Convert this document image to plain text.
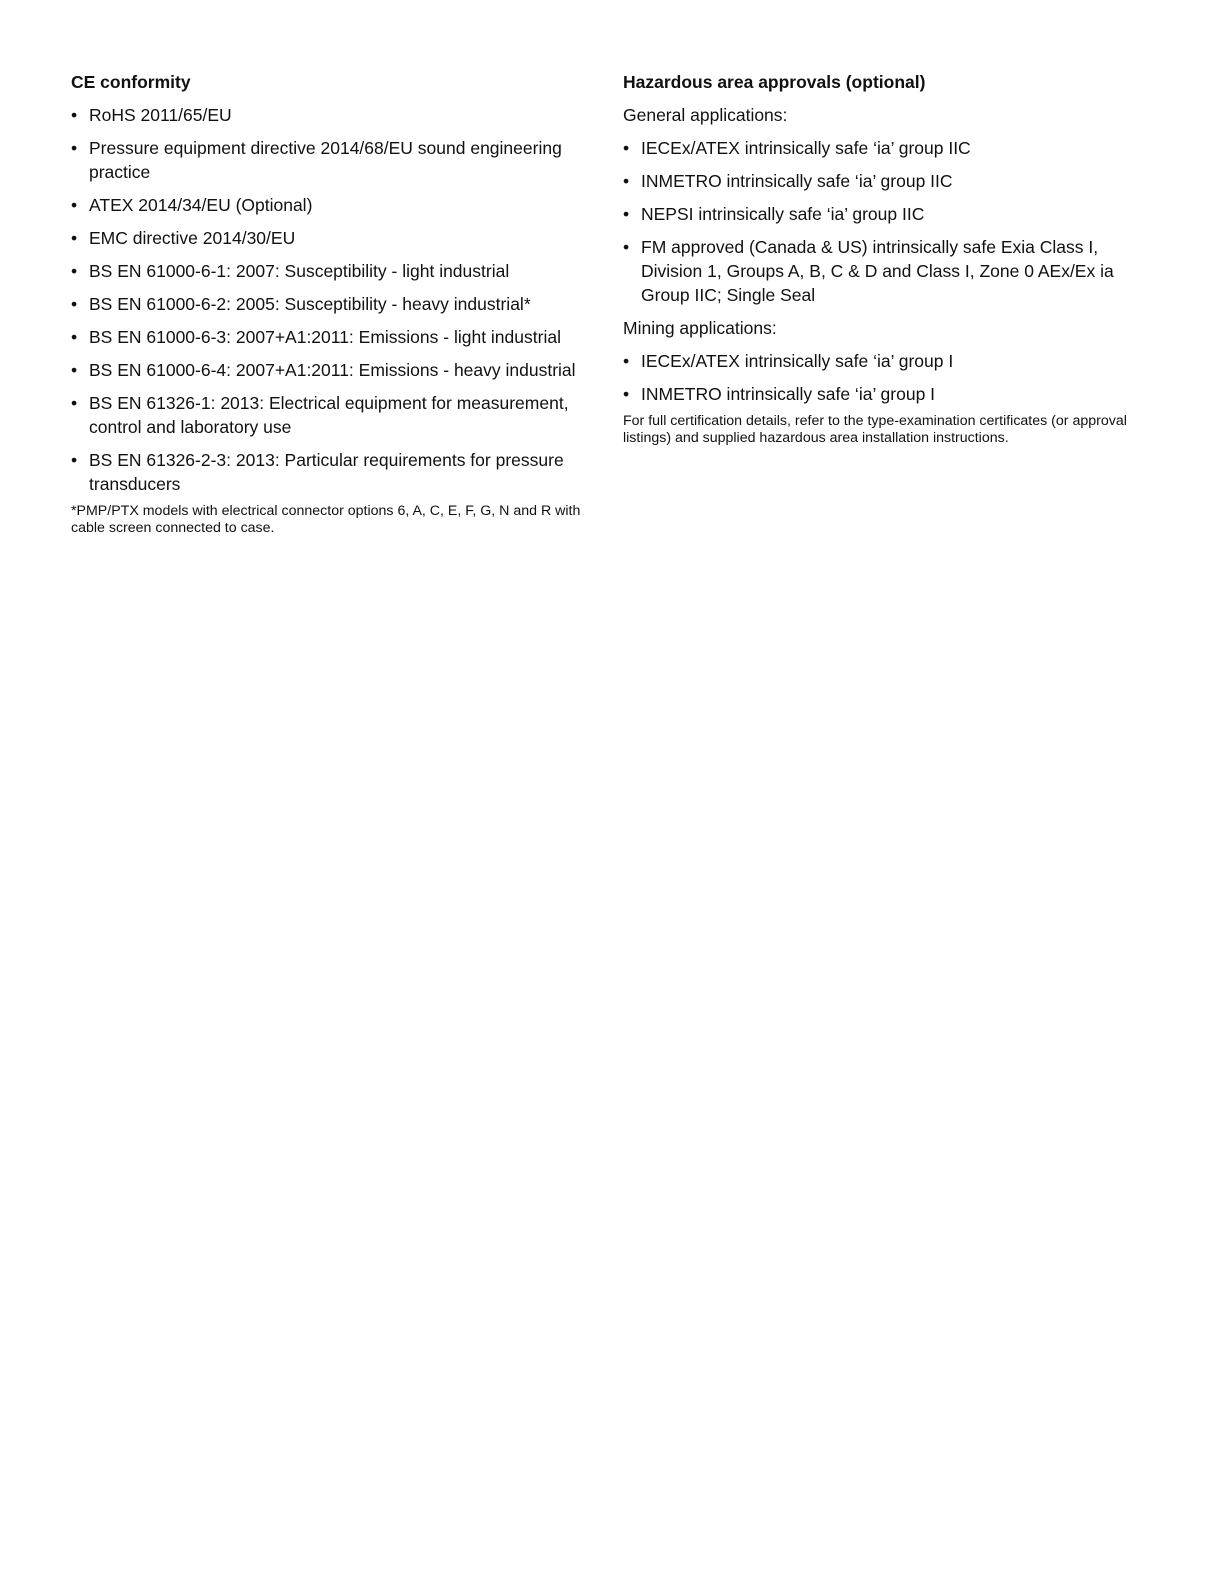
CE conformity
• RoHS 2011/65/EU
• Pressure equipment directive 2014/68/EU sound engineering practice
• ATEX 2014/34/EU (Optional)
• EMC directive 2014/30/EU
• BS EN 61000-6-1: 2007: Susceptibility - light industrial
• BS EN 61000-6-2: 2005: Susceptibility - heavy industrial*
• BS EN 61000-6-3: 2007+A1:2011: Emissions - light industrial
• BS EN 61000-6-4: 2007+A1:2011: Emissions - heavy industrial
• BS EN 61326-1: 2013: Electrical equipment for measurement, control and laboratory use
• BS EN 61326-2-3: 2013: Particular requirements for pressure transducers
*PMP/PTX models with electrical connector options 6, A, C, E, F, G, N and R with cable screen connected to case.
Hazardous area approvals (optional)
General applications:
• IECEx/ATEX intrinsically safe ‘ia’ group IIC
• INMETRO intrinsically safe ‘ia’ group IIC
• NEPSI intrinsically safe ‘ia’ group IIC
• FM approved (Canada & US) intrinsically safe Exia Class I, Division 1, Groups A, B, C & D and Class I, Zone 0 AEx/Ex ia Group IIC; Single Seal
Mining applications:
• IECEx/ATEX intrinsically safe ‘ia’ group I
• INMETRO intrinsically safe ‘ia’ group I
For full certification details, refer to the type-examination certificates (or approval listings) and supplied hazardous area installation instructions.
